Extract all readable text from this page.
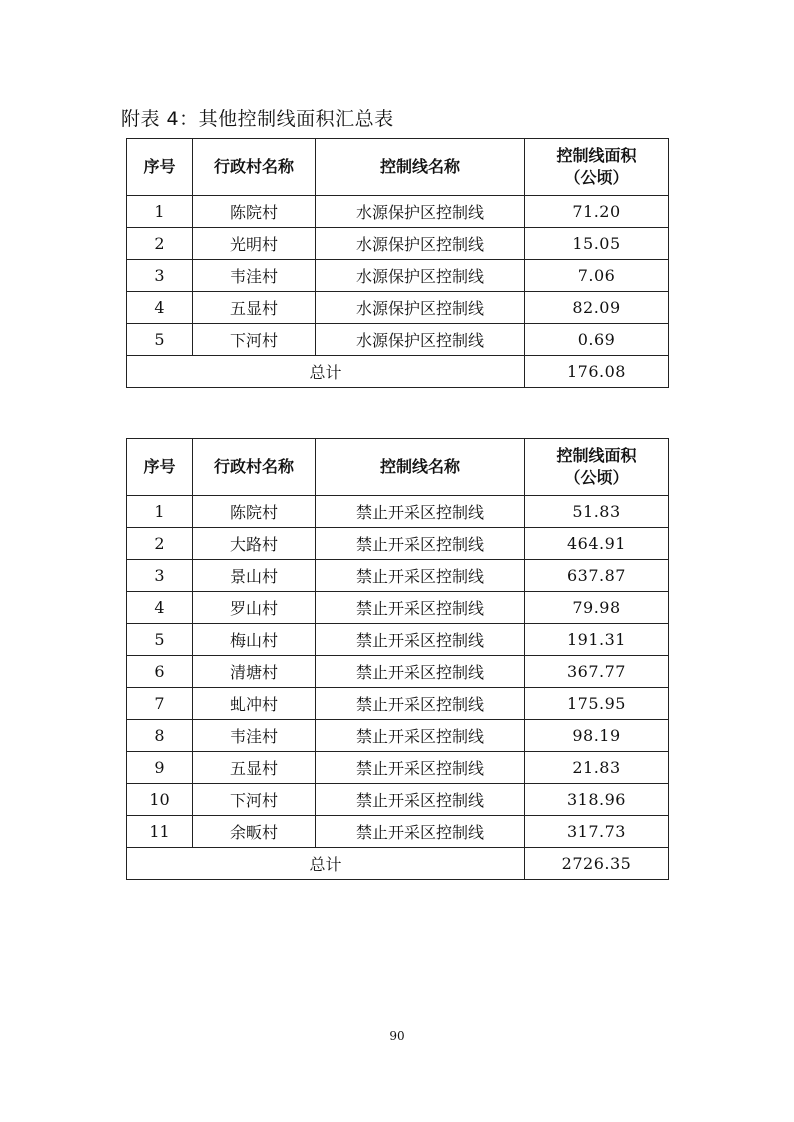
附表 4：其他控制线面积汇总表
序号	行政村名称	控制线名称	控制线面积
（公顷）
1	陈院村	水源保护区控制线	71.20
2	光明村	水源保护区控制线	15.05
3	韦洼村	水源保护区控制线	7.06
4	五显村	水源保护区控制线	82.09
5	下河村	水源保护区控制线	0.69
总计			176.08
序号	行政村名称	控制线名称	控制线面积
（公顷）
1	陈院村	禁止开采区控制线	51.83
2	大路村	禁止开采区控制线	464.91
3	景山村	禁止开采区控制线	637.87
4	罗山村	禁止开采区控制线	79.98
5	梅山村	禁止开采区控制线	191.31
6	清塘村	禁止开采区控制线	367.77
7	虬冲村	禁止开采区控制线	175.95
8	韦洼村	禁止开采区控制线	98.19
9	五显村	禁止开采区控制线	21.83
10	下河村	禁止开采区控制线	318.96
11	余畈村	禁止开采区控制线	317.73
总计			2726.35
90
